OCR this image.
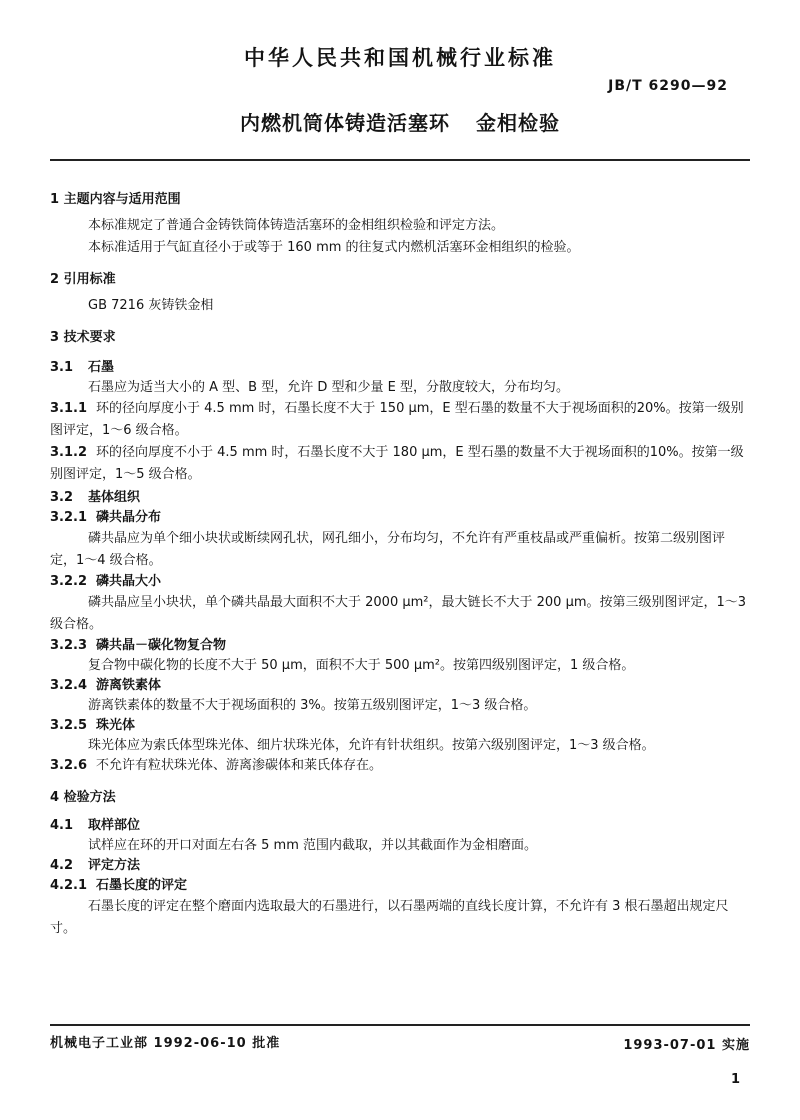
中华人民共和国机械行业标准
JB/T 6290—92
内燃机筒体铸造活塞环 金相检验
1 主题内容与适用范围
本标准规定了普通合金铸铁筒体铸造活塞环的金相组织检验和评定方法。
本标准适用于气缸直径小于或等于 160 mm 的往复式内燃机活塞环金相组织的检验。
2 引用标准
GB 7216 灰铸铁金相
3 技术要求
3.1 石墨
石墨应为适当大小的 A 型、B 型，允许 D 型和少量 E 型，分散度较大，分布均匀。
3.1.1 环的径向厚度小于 4.5 mm 时，石墨长度不大于 150 μm，E 型石墨的数量不大于视场面积的20%。按第一级别图评定，1～6 级合格。
3.1.2 环的径向厚度不小于 4.5 mm 时，石墨长度不大于 180 μm，E 型石墨的数量不大于视场面积的10%。按第一级别图评定，1～5 级合格。
3.2 基体组织
3.2.1 磷共晶分布
磷共晶应为单个细小块状或断续网孔状，网孔细小，分布均匀，不允许有严重枝晶或严重偏析。按第二级别图评定，1～4 级合格。
3.2.2 磷共晶大小
磷共晶应呈小块状，单个磷共晶最大面积不大于 2000 μm²，最大链长不大于 200 μm。按第三级别图评定，1～3 级合格。
3.2.3 磷共晶－碳化物复合物
复合物中碳化物的长度不大于 50 μm，面积不大于 500 μm²。按第四级别图评定，1 级合格。
3.2.4 游离铁素体
游离铁素体的数量不大于视场面积的 3%。按第五级别图评定，1～3 级合格。
3.2.5 珠光体
珠光体应为索氏体型珠光体、细片状珠光体，允许有针状组织。按第六级别图评定，1～3 级合格。
3.2.6 不允许有粒状珠光体、游离渗碳体和莱氏体存在。
4 检验方法
4.1 取样部位
试样应在环的开口对面左右各 5 mm 范围内截取，并以其截面作为金相磨面。
4.2 评定方法
4.2.1 石墨长度的评定
石墨长度的评定在整个磨面内选取最大的石墨进行，以石墨两端的直线长度计算，不允许有 3 根石墨超出规定尺寸。
机械电子工业部 1992-06-10 批准	1993-07-01 实施
1
